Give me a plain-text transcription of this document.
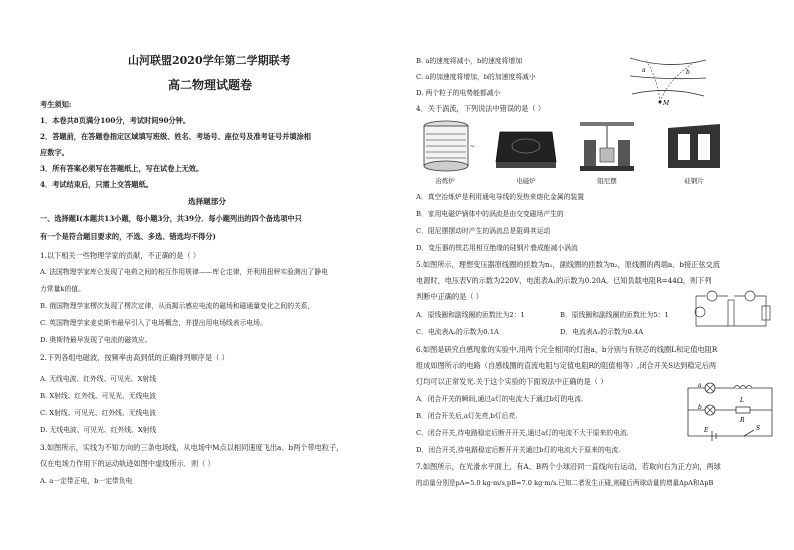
山河联盟2020学年第二学期联考
高二物理试题卷
考生须知:
1．本卷共8页满分100分，考试时间90分钟。
2．答题前，在答题卷指定区域填写班级、姓名、考场号、座位号及准考证号并填涂相
应数字。
3．所有答案必须写在答题纸上，写在试卷上无效。
4．考试结束后，只需上交答题纸。
选择题部分
一、选择题Ⅰ(本题共13小题，每小题3分，共39分．每小题列出的四个备选项中只
有一个是符合题目要求的，不选、多选、错选均不得分)
1.以下相关一些物理学家的贡献，不正确的是（ ）
A. 法国物理学家库仑发现了电荷之间的相互作用规律——库仑定律，并利用扭秤实验测出了静电
力常量k的值。
B. 俄国物理学家楞次发现了楞次定律，从而揭示感应电流的磁场和磁通量变化之间的关系，
C. 英国物理学家麦克斯韦最早引入了电场概念，并提出用电场线表示电场。
D. 奥斯特最早发现了电流的磁效应。
2.下列各组电磁波，按频率由高到低的正确排列顺序是（ ）
A. 无线电波、红外线、可见光、X射线
B. X射线、红外线、可见光、无线电波
C. X射线、可见光、红外线、无线电波
D. 无线电波、可见光、红外线、X射线
3.如图所示，实线为不知方向的三条电场线，从电场中M点以相同速度飞出a、b两个带电粒子，
仅在电场力作用下的运动轨迹如图中虚线所示．则（ ）
A. a一定带正电，b一定带负电
B. a的速度将减小，b的速度将增加
C. a的加速度将增加，b的加速度将减小
D. 两个粒子的电势能都减小
a	b
M
4．关于涡流，下列说法中错误的是（ ）
~
冶炼炉	电磁炉	阻尼摆	硅钢片
A．真空冶炼炉是利用通电导线的发热来熔化金属的装置
B．家用电磁炉锅体中的涡流是由交变磁场产生的
C．阻尼摆摆动时产生的涡流总是阻碍其运动
D．变压器的铁芯用相互绝缘的硅钢片叠成能减小涡流
5.如图所示，理想变压器原线圈的匝数为n₁，副线圈的匝数为n₂，原线圈的两端a、b接正弦交流
电源时，电压表V的示数为220V，电流表A₁的示数为0.20A。已知负载电阻R=44Ω，则下列
判断中正确的是（ ）
A．原线圈和副线圈的匝数比为2：1	B．原线圈和副线圈的匝数比为5：1
C．电流表A₂的示数为0.1A	D．电流表A₂的示数为0.4A
6.如图是研究自感现象的实验中,用两个完全相同的灯泡a、b分别与有铁芯的线圈L和定值电阻R
组成如图所示的电路（自感线圈的直流电阻与定值电阻R的阻值相等）,闭合开关S达到稳定后两
灯均可以正常发光.关于这个实验的下面说法中正确的是（ ）
A．闭合开关的瞬间,通过a灯的电流大于通过b灯的电流.
B．闭合开关后,a灯先亮,b灯后亮.
C．闭合开关,待电路稳定后断开开关,通过a灯的电流不大于原来的电流.
D．闭合开关,待电路稳定后断开开关通过b灯的电流大于原来的电流.
a
L
b
R
E	S
7.如图所示，在光滑水平面上，有A、B两个小球沿同一直线向右运动，若取向右为正方向，两球
的动量分别是pA=5.0 kg·m/s,pB=7.0 kg·m/s.已知二者发生正碰,则碰后两球动量的增量ΔpA和ΔpB
